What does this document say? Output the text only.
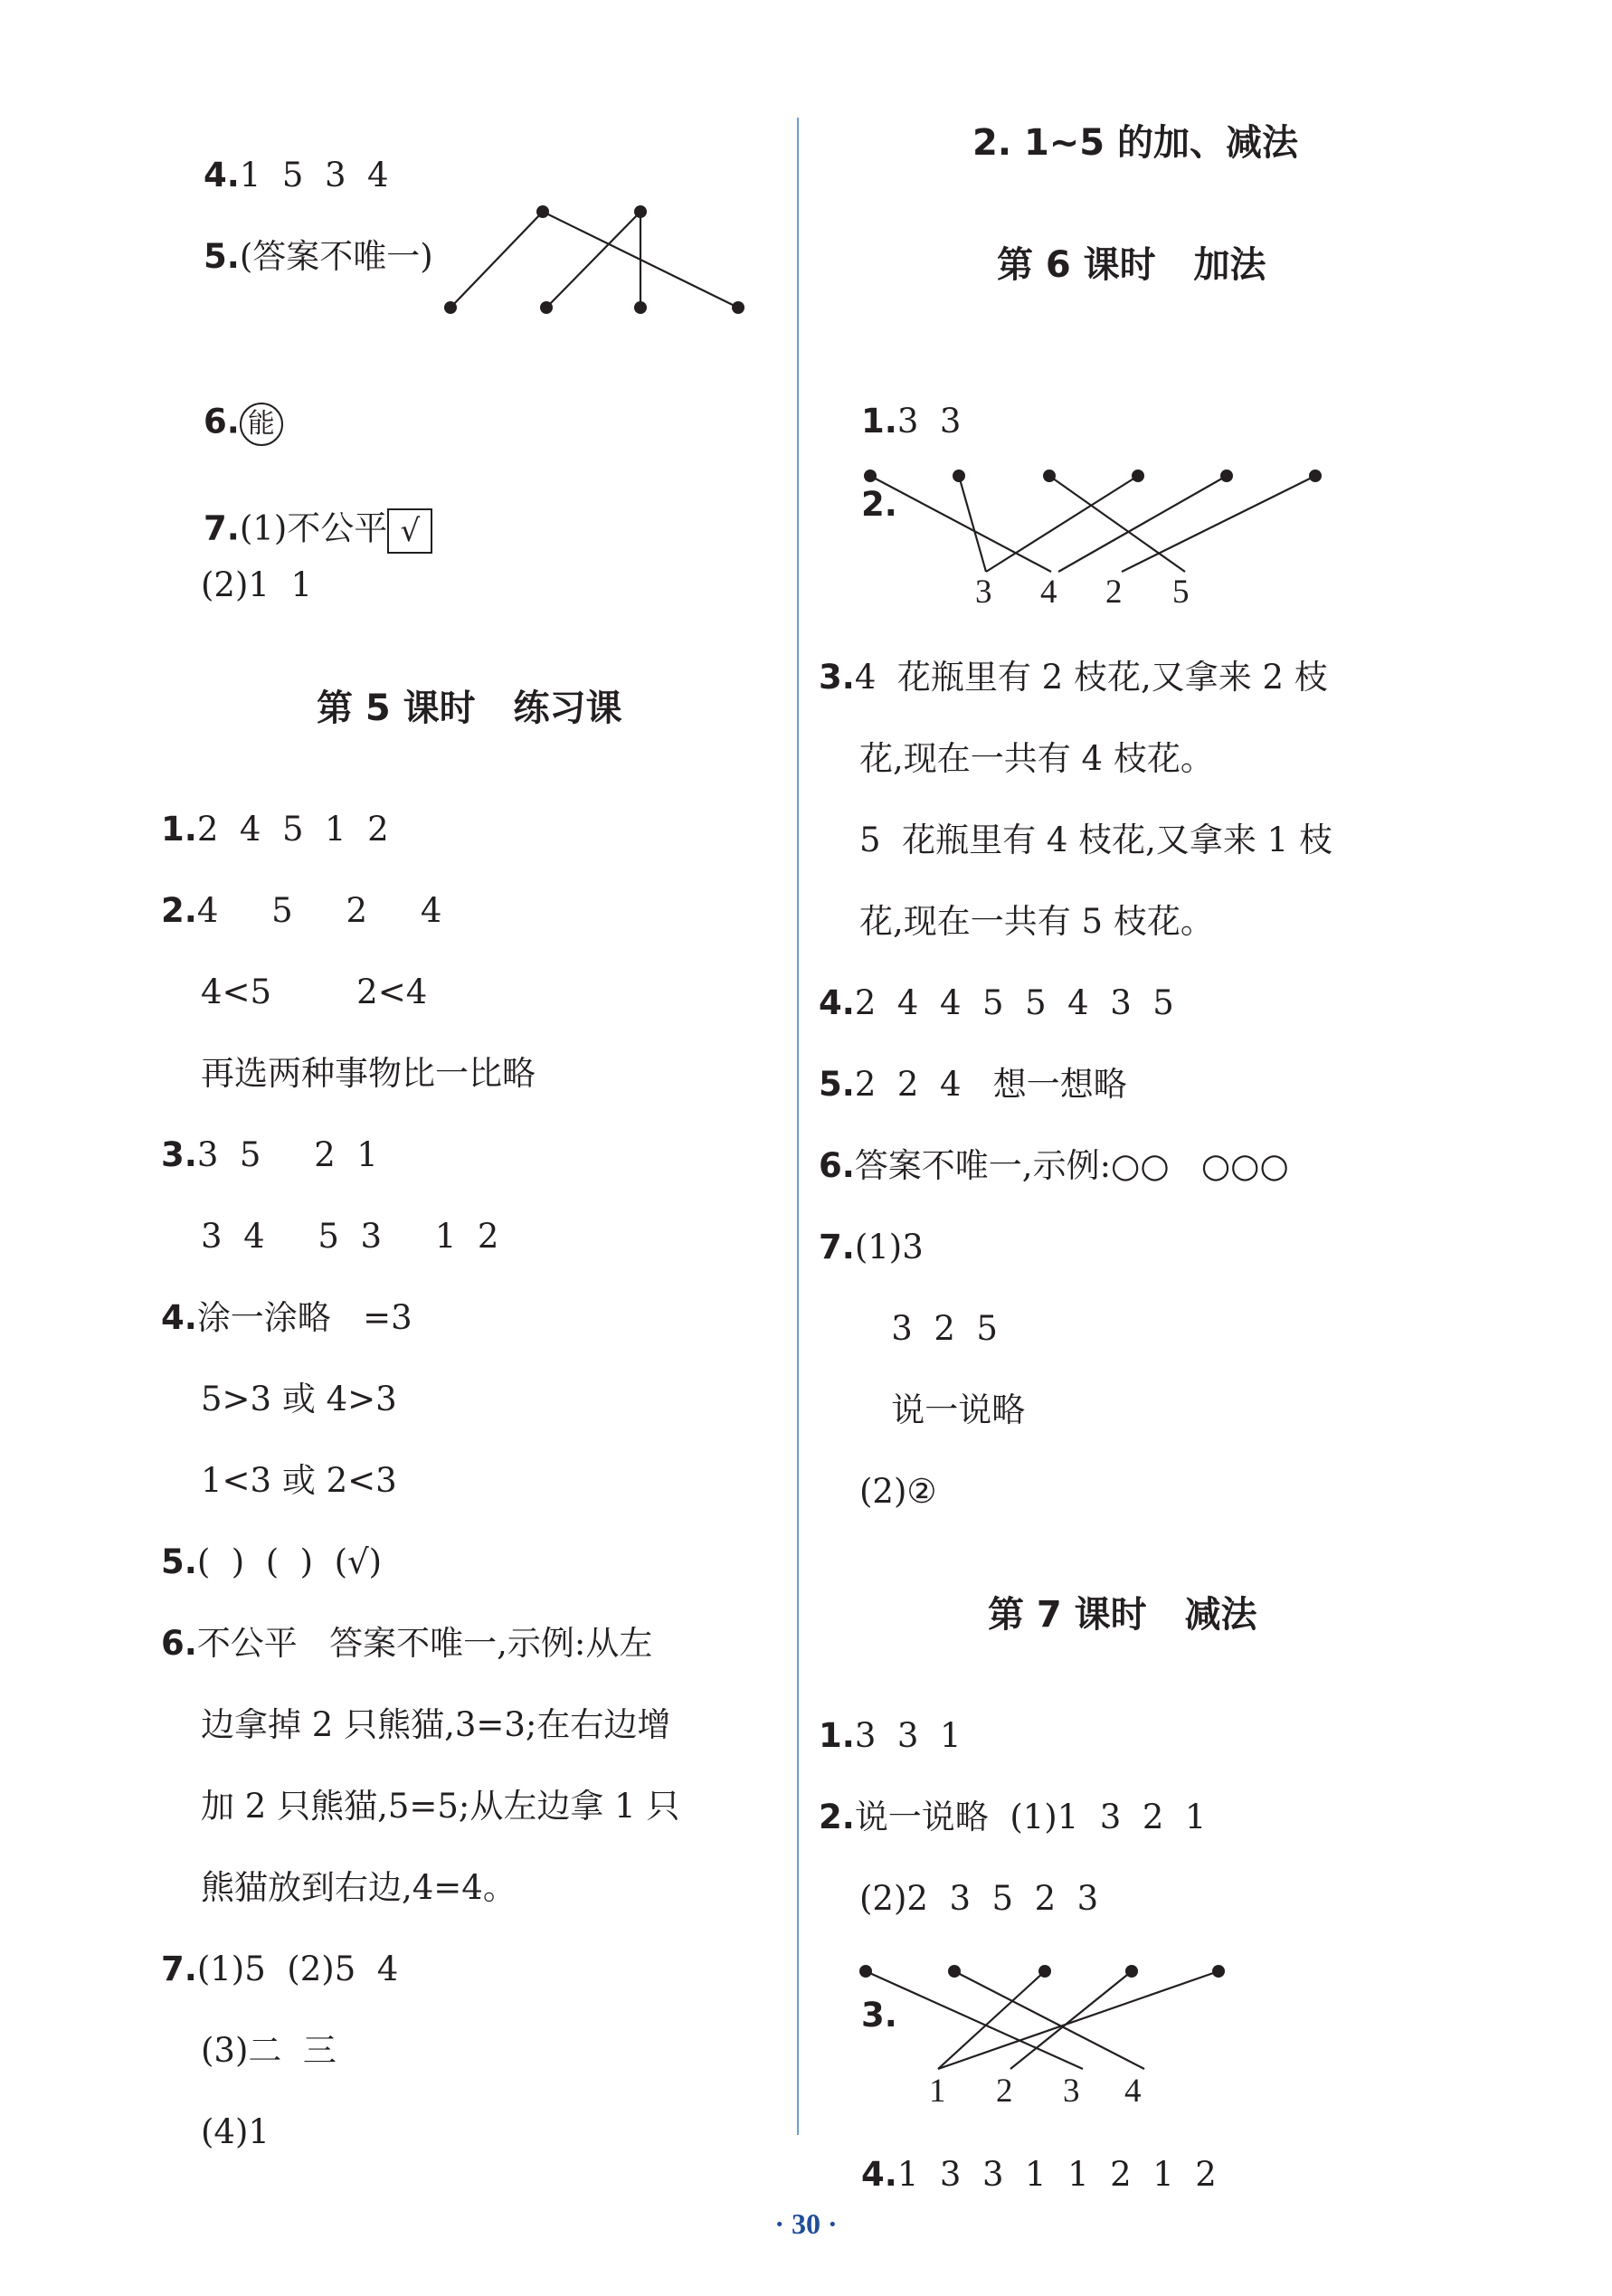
4.1  5  3  4

5.(答案不唯一)

6. 能

7.(1)不公平 √

(2)1  1
第 5 课时   练习课
1.2  4  5  1  2
2.4     5     2     4
4<5        2<4
再选两种事物比一比略
3.3  5     2  1
3  4     5  3     1  2
4.涂一涂略   =3
5>3 或 4>3
1<3 或 2<3
5.(  )  (  )  (√)
6.不公平   答案不唯一,示例:从左
边拿掉 2 只熊猫,3=3;在右边增
加 2 只熊猫,5=5;从左边拿 1 只
熊猫放到右边,4=4。
7.(1)5  (2)5  4
(3)二  三
(4)1
2. 1~5 的加、减法
第 6 课时   加法

1.3  3

2.

3 4 2 5
3.4  花瓶里有 2 枝花,又拿来 2 枝
花,现在一共有 4 枝花。
5  花瓶里有 4 枝花,又拿来 1 枝
花,现在一共有 5 枝花。
4.2  4  4  5  5  4  3  5
5.2  2  4   想一想略
6.答案不唯一,示例:○○   ○○○
7.(1)3
3  2  5
说一说略
(2)②
第 7 课时   减法
1.3  3  1
2.说一说略  (1)1  3  2  1
(2)2  3  5  2  3

3.

1 2 3 4

4.1  3  3  1  1  2  1  2

· 30 ·
